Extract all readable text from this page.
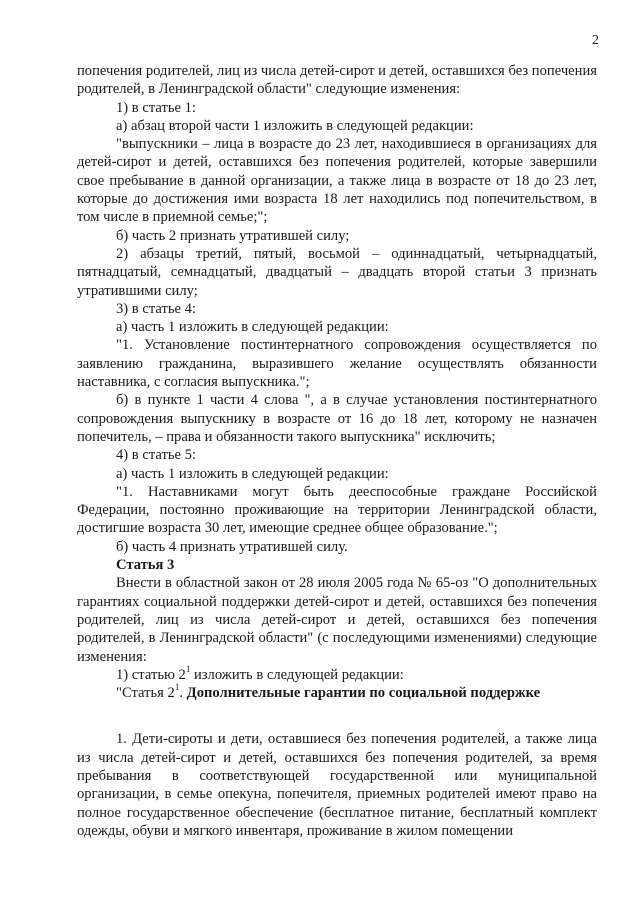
2

попечения родителей, лиц из числа детей-сирот и детей, оставшихся без попечения родителей, в Ленинградской области" следующие изменения:

1) в статье 1:

а) абзац второй части 1 изложить в следующей редакции:

"выпускники – лица в возрасте до 23 лет, находившиеся в организациях для детей-сирот и детей, оставшихся без попечения родителей, которые завершили свое пребывание в данной организации, а также лица в возрасте от 18 до 23 лет, которые до достижения ими возраста 18 лет находились под попечительством, в том числе в приемной семье;";

б) часть 2 признать утратившей силу;

2) абзацы третий, пятый, восьмой – одиннадцатый, четырнадцатый, пятнадцатый, семнадцатый, двадцатый – двадцать второй статьи 3 признать утратившими силу;

3) в статье 4:

а) часть 1 изложить в следующей редакции:

"1. Установление постинтернатного сопровождения осуществляется по заявлению гражданина, выразившего желание осуществлять обязанности наставника, с согласия выпускника.";

б) в пункте 1 части 4 слова ", а в случае установления постинтернатного сопровождения выпускнику в возрасте от 16 до 18 лет, которому не назначен попечитель, – права и обязанности такого выпускника" исключить;

4) в статье 5:

а) часть 1 изложить в следующей редакции:

"1. Наставниками могут быть дееспособные граждане Российской Федерации, постоянно проживающие на территории Ленинградской области, достигшие возраста 30 лет, имеющие среднее общее образование.";

б) часть 4 признать утратившей силу.

Статья 3

Внести в областной закон от 28 июля 2005 года № 65-оз "О дополнительных гарантиях социальной поддержки детей-сирот и детей, оставшихся без попечения родителей, лиц из числа детей-сирот и детей, оставшихся без попечения родителей, в Ленинградской области" (с последующими изменениями) следующие изменения:

1) статью $2^1$ изложить в следующей редакции:

"Статья $2^1$. Дополнительные гарантии по социальной поддержке

1. Дети-сироты и дети, оставшиеся без попечения родителей, а также лица из числа детей-сирот и детей, оставшихся без попечения родителей, за время пребывания в соответствующей государственной или муниципальной организации, в семье опекуна, попечителя, приемных родителей имеют право на полное государственное обеспечение (бесплатное питание, бесплатный комплект одежды, обуви и мягкого инвентаря, проживание в жилом помещении
